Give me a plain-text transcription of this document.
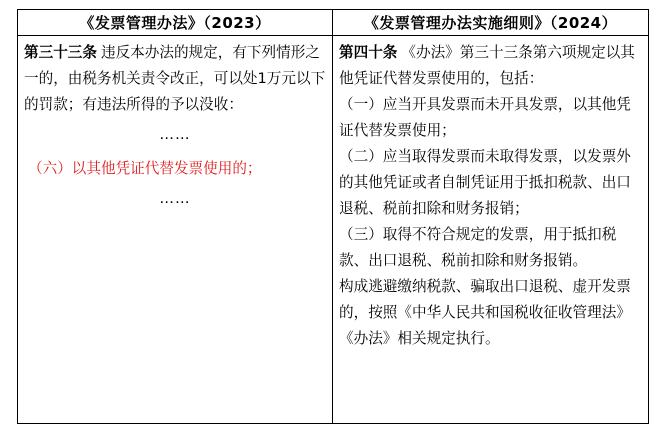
《发票管理办法》（2023）	《发票管理办法实施细则》（2024）

第三十三条 违反本办法的规定，有下列情形之一的，由税务机关责令改正，可以处1万元以下的罚款；有违法所得的予以没收：

……

（六）以其他凭证代替发票使用的；

……

第四十条 《办法》第三十三条第六项规定以其他凭证代替发票使用的，包括：

（一）应当开具发票而未开具发票，以其他凭证代替发票使用；

（二）应当取得发票而未取得发票，以发票外的其他凭证或者自制凭证用于抵扣税款、出口退税、税前扣除和财务报销；

（三）取得不符合规定的发票，用于抵扣税款、出口退税、税前扣除和财务报销。

构成逃避缴纳税款、骗取出口退税、虚开发票的，按照《中华人民共和国税收征收管理法》《办法》相关规定执行。
